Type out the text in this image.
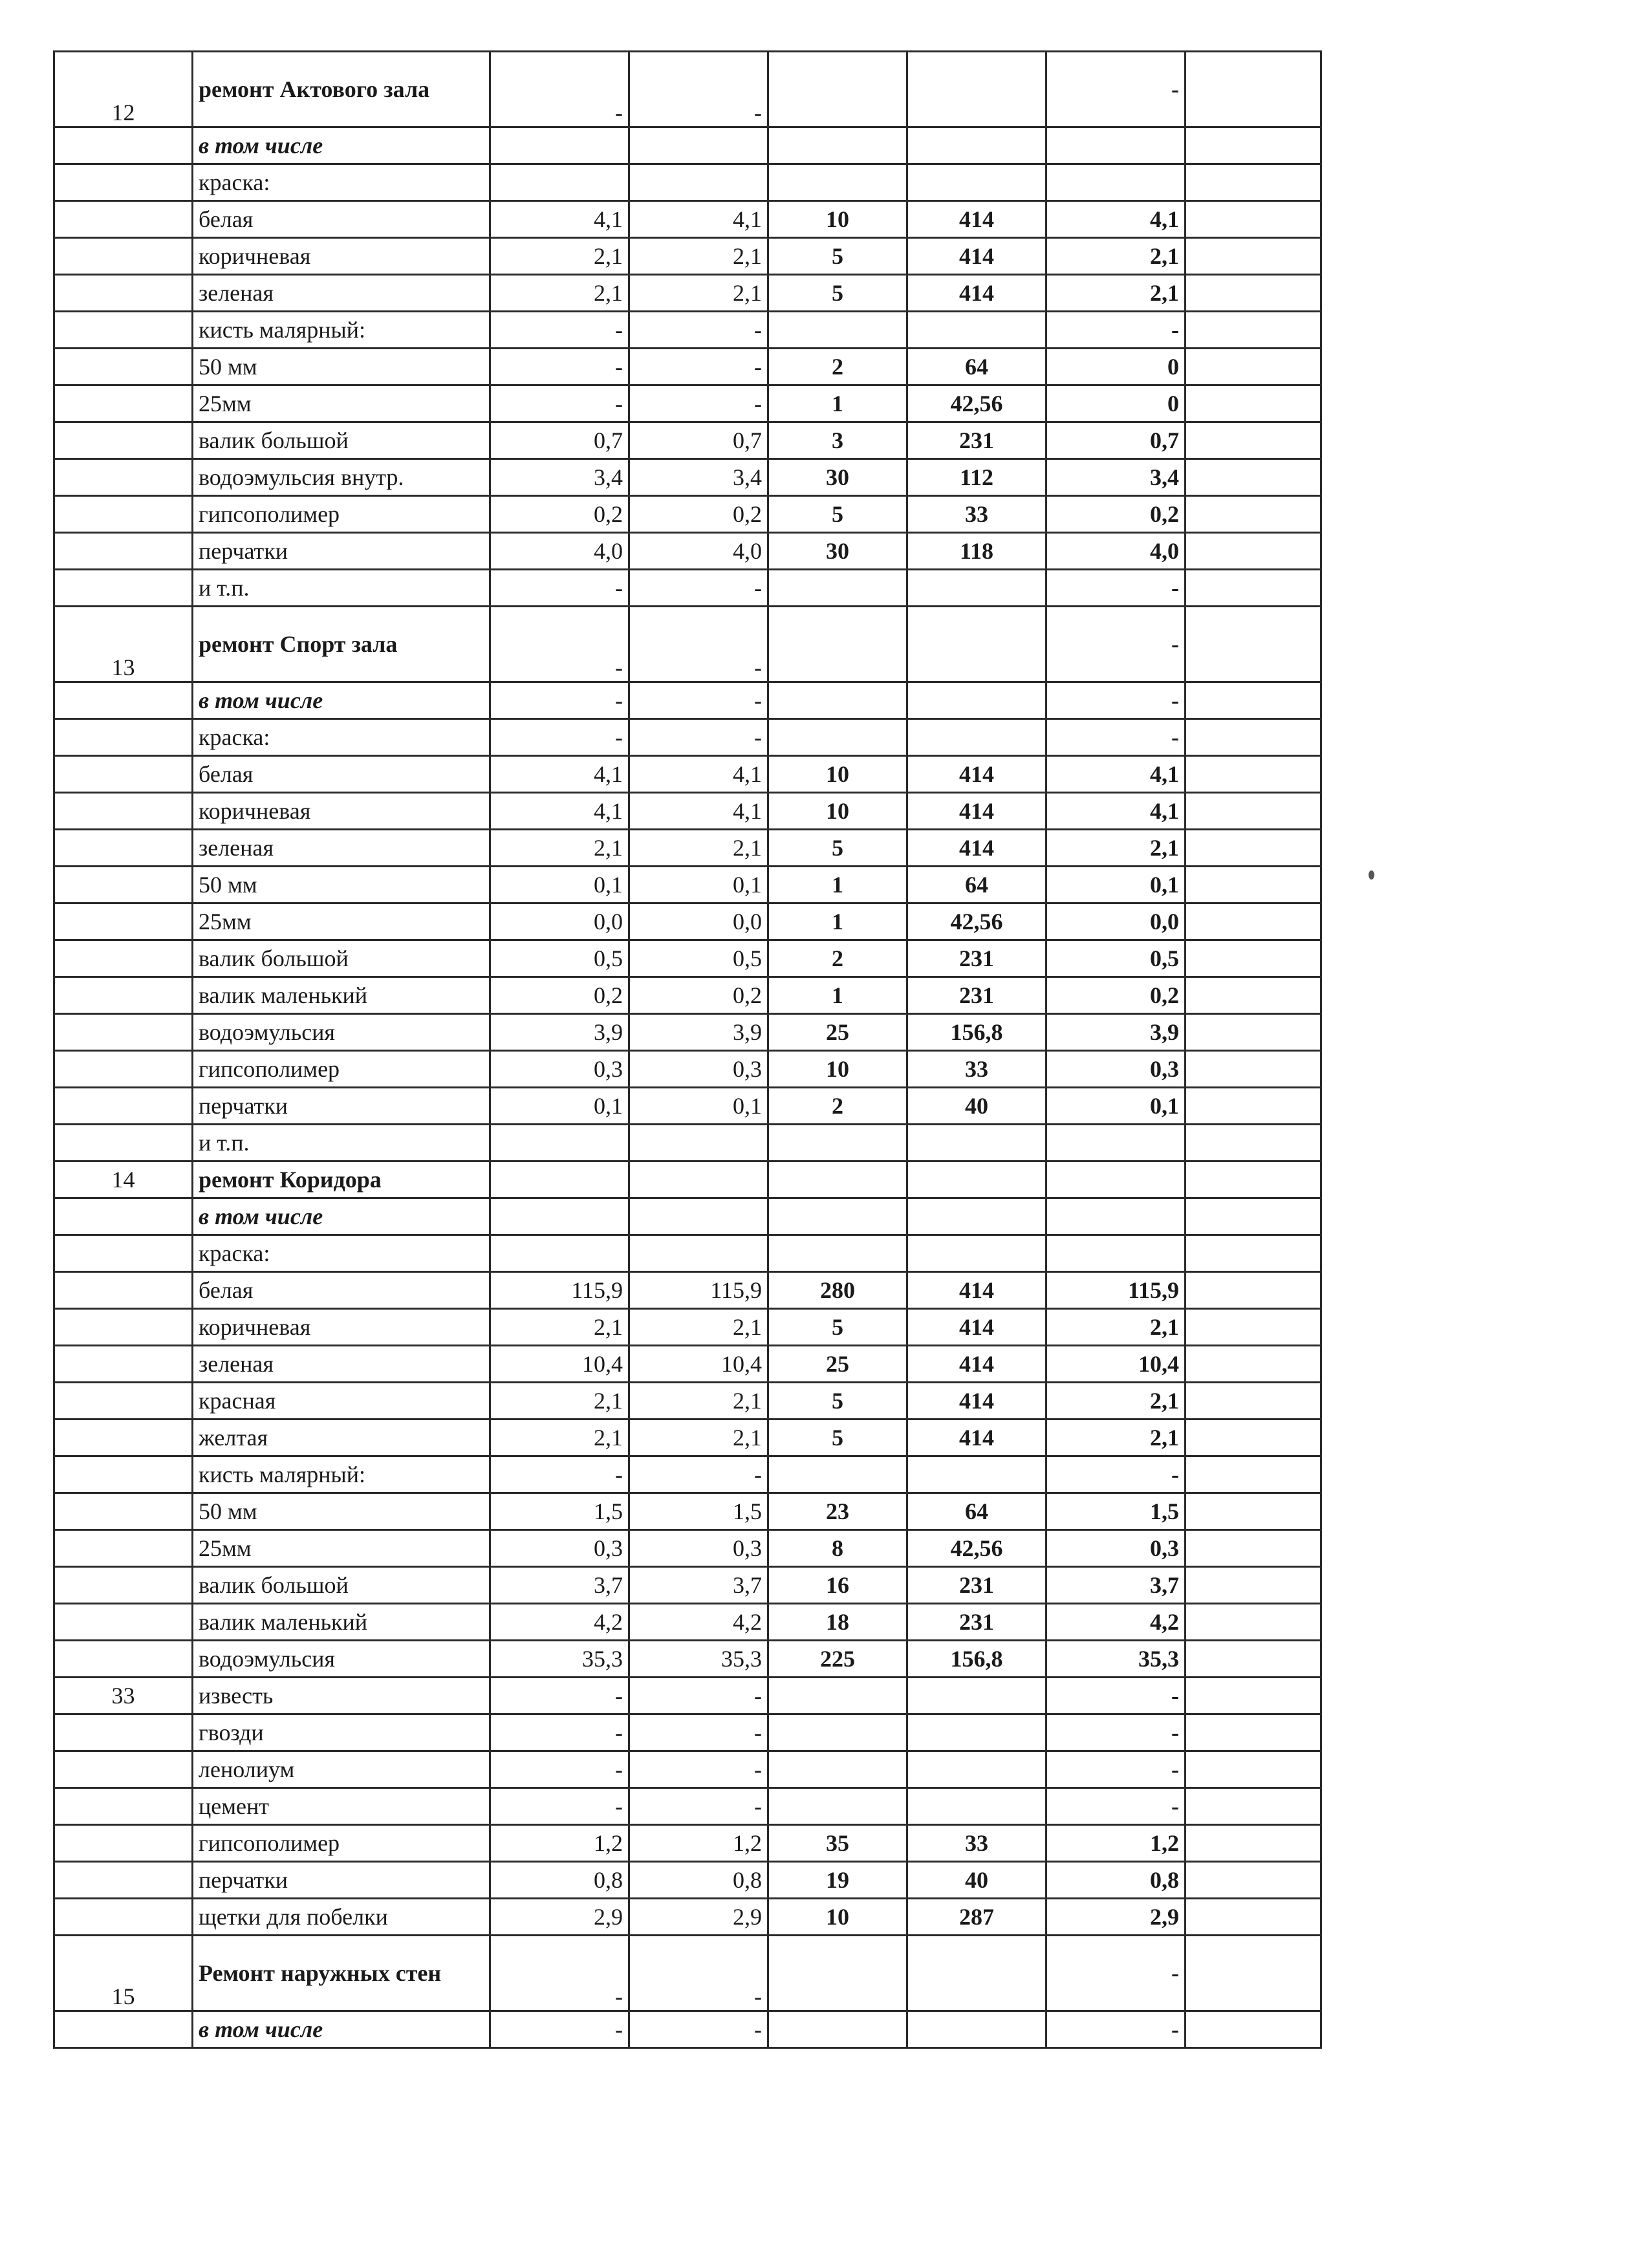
12	ремонт Актового зала	-	-			-	
	в том числе						
	краска:						
	белая	4,1	4,1	10	414	4,1	
	коричневая	2,1	2,1	5	414	2,1	
	зеленая	2,1	2,1	5	414	2,1	
	кисть малярный:	-	-			-	
	50 мм	-	-	2	64	0	
	25мм	-	-	1	42,56	0	
	валик большой	0,7	0,7	3	231	0,7	
	водоэмульсия внутр.	3,4	3,4	30	112	3,4	
	гипсополимер	0,2	0,2	5	33	0,2	
	перчатки	4,0	4,0	30	118	4,0	
	и т.п.	-	-			-	
13	ремонт Спорт зала	-	-			-	
	в том числе	-	-			-	
	краска:	-	-			-	
	белая	4,1	4,1	10	414	4,1	
	коричневая	4,1	4,1	10	414	4,1	
	зеленая	2,1	2,1	5	414	2,1	
	50 мм	0,1	0,1	1	64	0,1	
	25мм	0,0	0,0	1	42,56	0,0	
	валик большой	0,5	0,5	2	231	0,5	
	валик маленький	0,2	0,2	1	231	0,2	
	водоэмульсия	3,9	3,9	25	156,8	3,9	
	гипсополимер	0,3	0,3	10	33	0,3	
	перчатки	0,1	0,1	2	40	0,1	
	и т.п.						
14	ремонт Коридора						
	в том числе						
	краска:						
	белая	115,9	115,9	280	414	115,9	
	коричневая	2,1	2,1	5	414	2,1	
	зеленая	10,4	10,4	25	414	10,4	
	красная	2,1	2,1	5	414	2,1	
	желтая	2,1	2,1	5	414	2,1	
	кисть малярный:	-	-			-	
	50 мм	1,5	1,5	23	64	1,5	
	25мм	0,3	0,3	8	42,56	0,3	
	валик большой	3,7	3,7	16	231	3,7	
	валик маленький	4,2	4,2	18	231	4,2	
	водоэмульсия	35,3	35,3	225	156,8	35,3	
33	известь	-	-			-	
	гвозди	-	-			-	
	ленолиум	-	-			-	
	цемент	-	-			-	
	гипсополимер	1,2	1,2	35	33	1,2	
	перчатки	0,8	0,8	19	40	0,8	
	щетки для побелки	2,9	2,9	10	287	2,9	
15	Ремонт наружных стен	-	-			-	
	в том числе	-	-			-	
